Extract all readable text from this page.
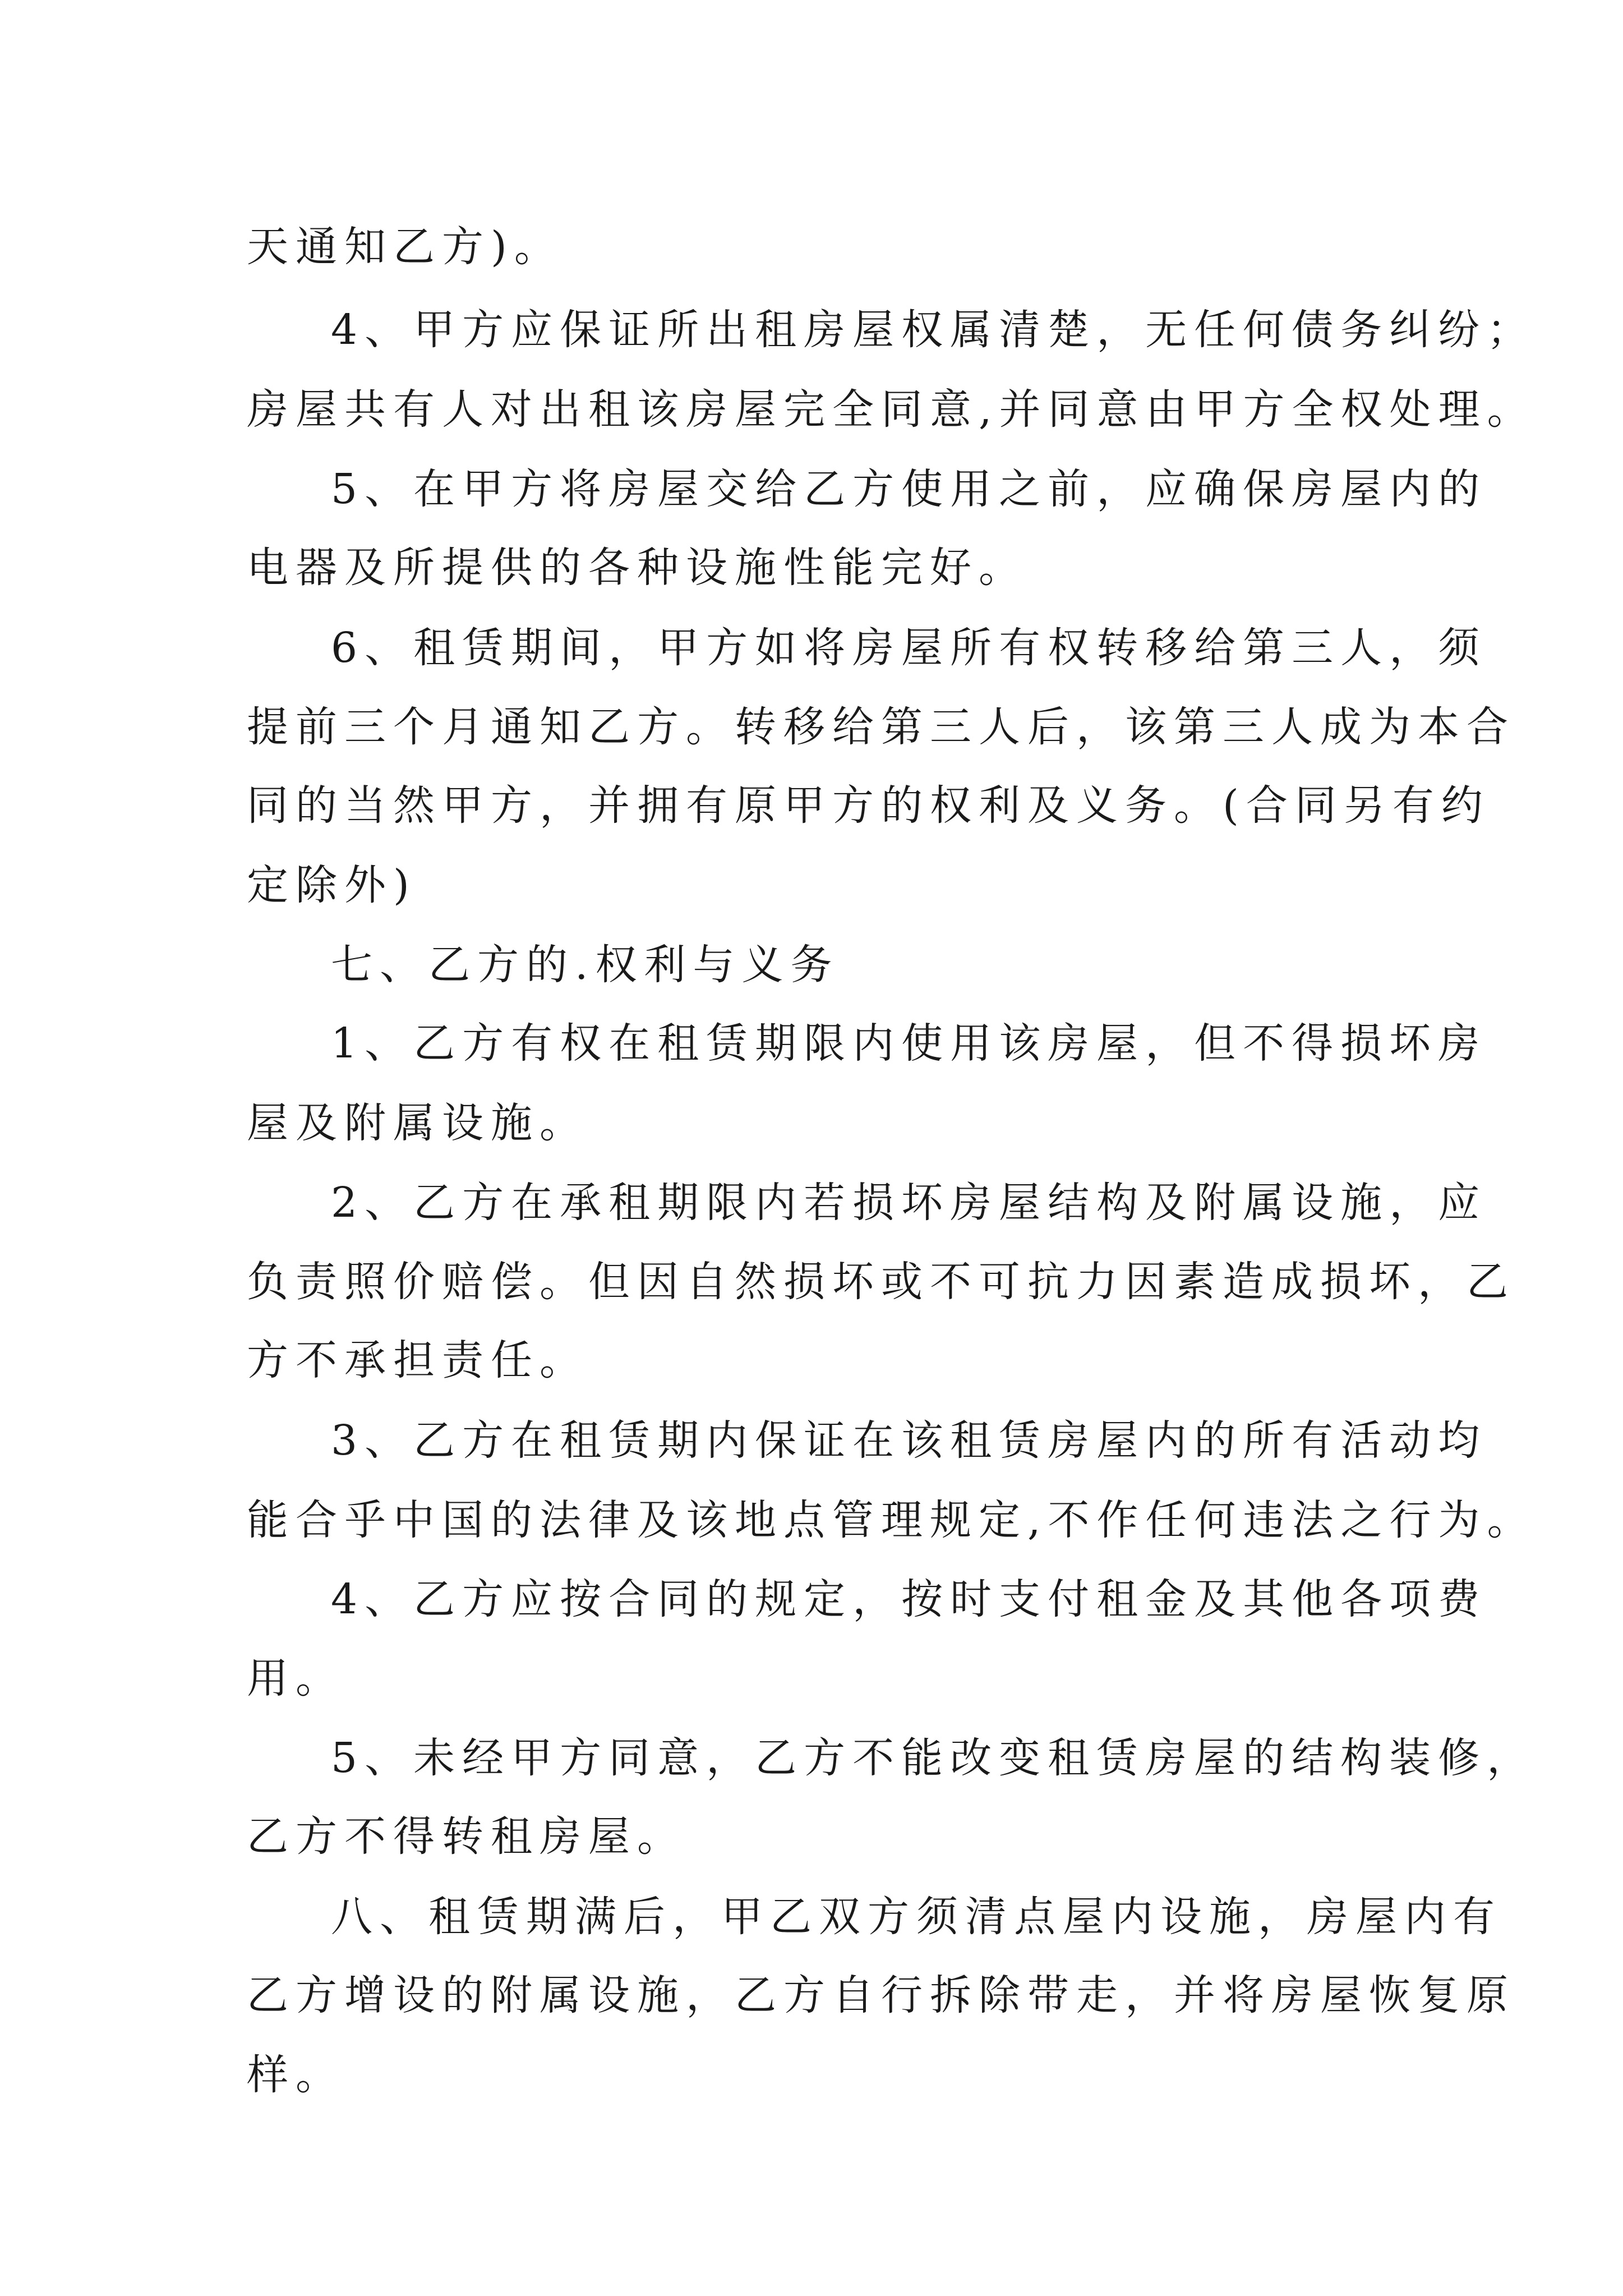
天通知乙方)。
4、甲方应保证所出租房屋权属清楚，无任何债务纠纷；
房屋共有人对出租该房屋完全同意,并同意由甲方全权处理。
5、在甲方将房屋交给乙方使用之前，应确保房屋内的
电器及所提供的各种设施性能完好。
6、租赁期间，甲方如将房屋所有权转移给第三人，须
提前三个月通知乙方。转移给第三人后，该第三人成为本合
同的当然甲方，并拥有原甲方的权利及义务。(合同另有约
定除外)
七、乙方的.权利与义务
1、乙方有权在租赁期限内使用该房屋，但不得损坏房
屋及附属设施。
2、乙方在承租期限内若损坏房屋结构及附属设施，应
负责照价赔偿。但因自然损坏或不可抗力因素造成损坏，乙
方不承担责任。
3、乙方在租赁期内保证在该租赁房屋内的所有活动均
能合乎中国的法律及该地点管理规定,不作任何违法之行为。
4、乙方应按合同的规定，按时支付租金及其他各项费
用。
5、未经甲方同意，乙方不能改变租赁房屋的结构装修，
乙方不得转租房屋。
八、租赁期满后，甲乙双方须清点屋内设施，房屋内有
乙方增设的附属设施，乙方自行拆除带走，并将房屋恢复原
样。
